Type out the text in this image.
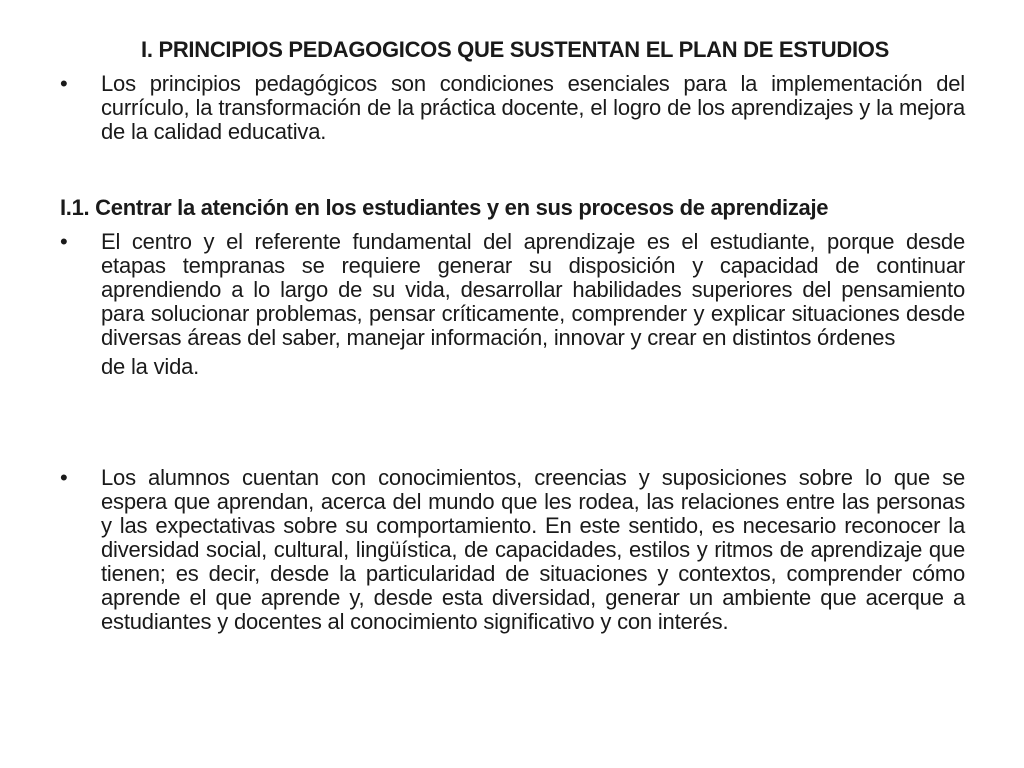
I. PRINCIPIOS PEDAGOGICOS QUE SUSTENTAN EL PLAN DE ESTUDIOS
• Los principios pedagógicos son condiciones esenciales para la implementación del currículo, la transformación de la práctica docente, el logro de los aprendizajes y la mejora de la calidad educativa.
I.1. Centrar la atención en los estudiantes y en sus procesos de aprendizaje
• El centro y el referente fundamental del aprendizaje es el estudiante, porque desde etapas tempranas se requiere generar su disposición y capacidad de continuar aprendiendo a lo largo de su vida, desarrollar habilidades superiores del pensamiento para solucionar problemas, pensar críticamente, comprender y explicar situaciones desde diversas áreas del saber, manejar información, innovar y crear en distintos órdenes
de la vida.
• Los alumnos cuentan con conocimientos, creencias y suposiciones sobre lo que se espera que aprendan, acerca del mundo que les rodea, las relaciones entre las personas y las expectativas sobre su comportamiento. En este sentido, es necesario reconocer la diversidad social, cultural, lingüística, de capacidades, estilos y ritmos de aprendizaje que tienen; es decir, desde la particularidad de situaciones y contextos, comprender cómo aprende el que aprende y, desde esta diversidad, generar un ambiente que acerque a estudiantes y docentes al conocimiento significativo y con interés.
